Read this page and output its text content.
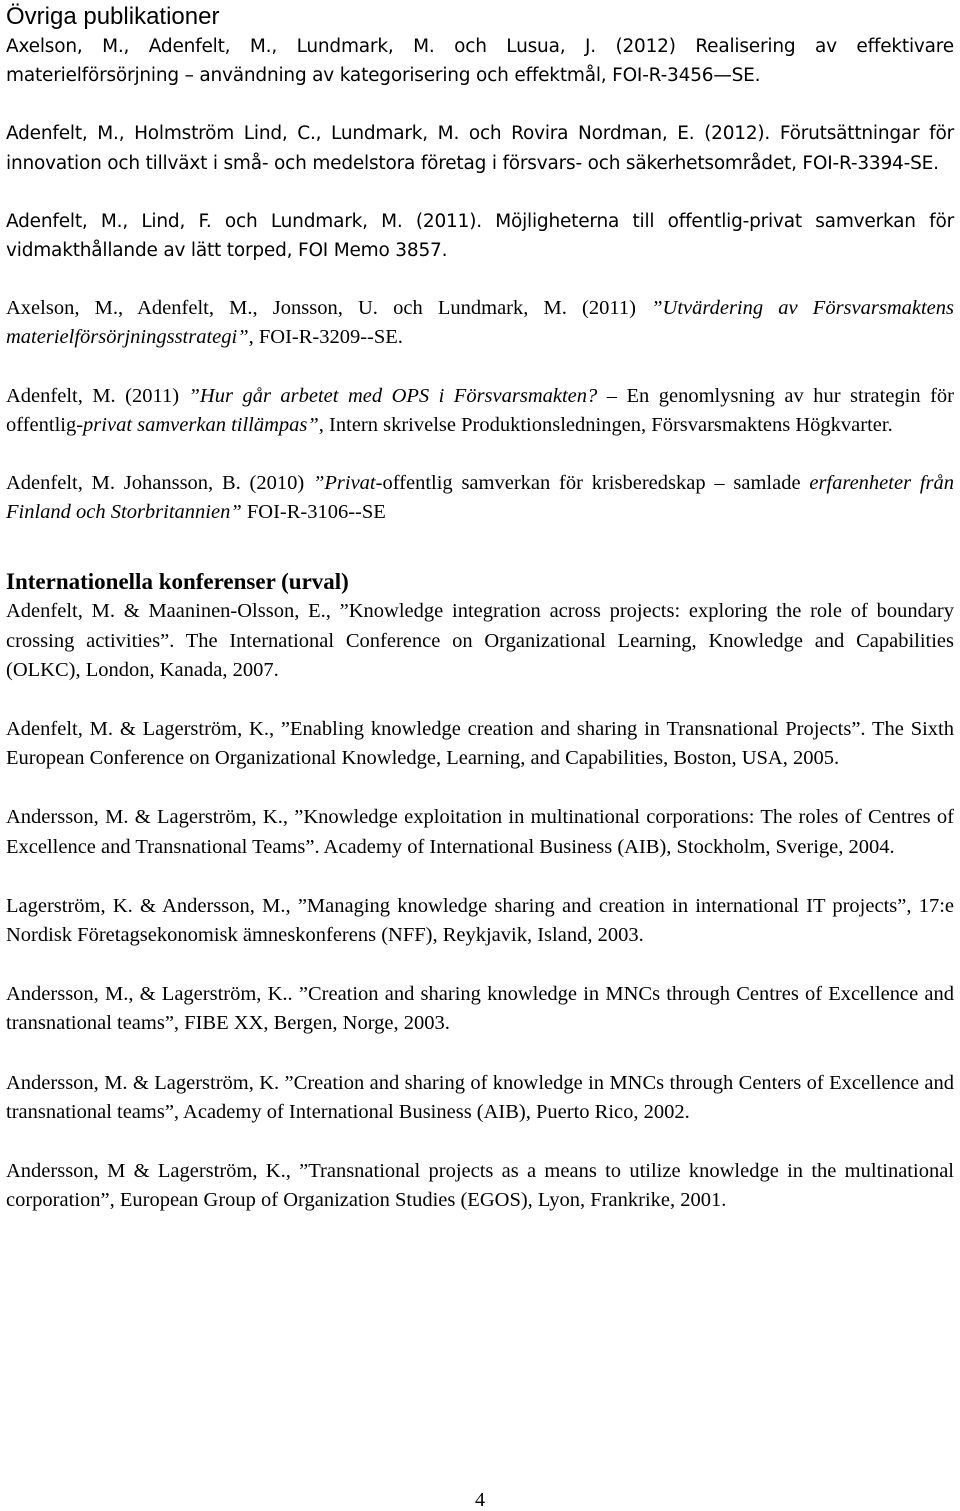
Övriga publikationer

Axelson, M., Adenfelt, M., Lundmark, M. och Lusua, J. (2012) Realisering av effektivare materielförsörjning – användning av kategorisering och effektmål, FOI-R-3456—SE.

Adenfelt, M., Holmström Lind, C., Lundmark, M. och Rovira Nordman, E. (2012). Förutsättningar för innovation och tillväxt i små- och medelstora företag i försvars- och säkerhetsområdet, FOI-R-3394-SE.

Adenfelt, M., Lind, F. och Lundmark, M. (2011). Möjligheterna till offentlig-privat samverkan för vidmakthållande av lätt torped, FOI Memo 3857.

Axelson, M., Adenfelt, M., Jonsson, U. och Lundmark, M. (2011) ”Utvärdering av Försvarsmaktens materielförsörjningsstrategi”, FOI-R-3209--SE.

Adenfelt, M. (2011) ”Hur går arbetet med OPS i Försvarsmakten? – En genomlysning av hur strategin för offentlig-privat samverkan tillämpas”, Intern skrivelse Produktionsledningen, Försvarsmaktens Högkvarter.

Adenfelt, M. Johansson, B. (2010) ”Privat-offentlig samverkan för krisberedskap – samlade erfarenheter från Finland och Storbritannien” FOI-R-3106--SE

Internationella konferenser (urval)

Adenfelt, M. & Maaninen-Olsson, E., ”Knowledge integration across projects: exploring the role of boundary crossing activities”. The International Conference on Organizational Learning, Knowledge and Capabilities (OLKC), London, Kanada, 2007.

Adenfelt, M. & Lagerström, K., ”Enabling knowledge creation and sharing in Transnational Projects”. The Sixth European Conference on Organizational Knowledge, Learning, and Capabilities, Boston, USA, 2005.

Andersson, M. & Lagerström, K., ”Knowledge exploitation in multinational corporations: The roles of Centres of Excellence and Transnational Teams”. Academy of International Business (AIB), Stockholm, Sverige, 2004.

Lagerström, K. & Andersson, M., ”Managing knowledge sharing and creation in international IT projects”, 17:e Nordisk Företagsekonomisk ämneskonferens (NFF), Reykjavik, Island, 2003.

Andersson, M., & Lagerström, K.. ”Creation and sharing knowledge in MNCs through Centres of Excellence and transnational teams”, FIBE XX, Bergen, Norge, 2003.

Andersson, M. & Lagerström, K. ”Creation and sharing of knowledge in MNCs through Centers of Excellence and transnational teams”, Academy of International Business (AIB), Puerto Rico, 2002.

Andersson, M & Lagerström, K., ”Transnational projects as a means to utilize knowledge in the multinational corporation”, European Group of Organization Studies (EGOS), Lyon, Frankrike, 2001.

4
